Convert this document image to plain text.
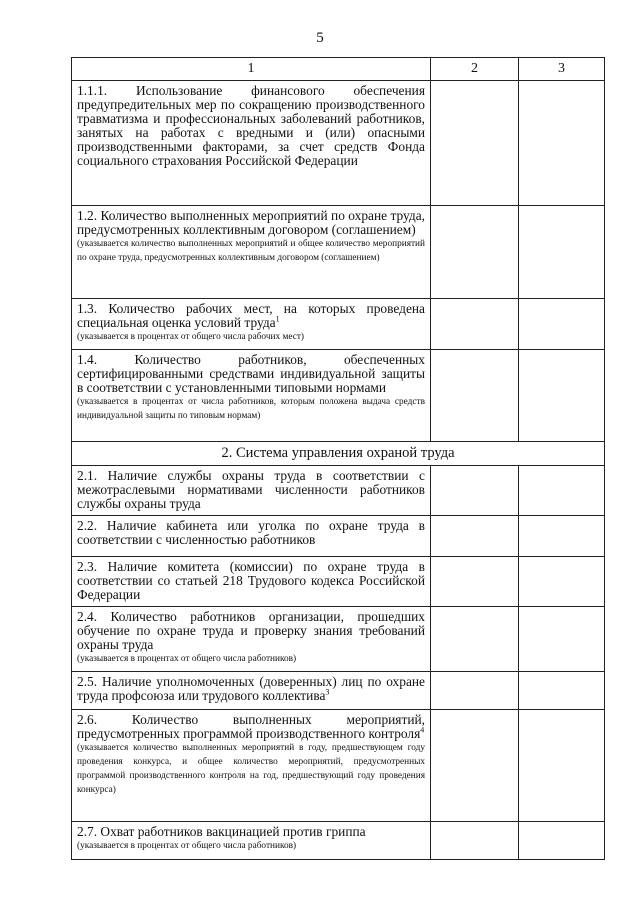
5
1	2	3

1.1.1. Использование финансового обеспечения предупредительных мер по сокращению производственного травматизма и профессиональных заболеваний работников, занятых на работах с вредными и (или) опасными производственными факторами, за счет средств Фонда социального страхования Российской Федерации		

1.2. Количество выполненных мероприятий по охране труда, предусмотренных коллективным договором (соглашением)
(указывается количество выполненных мероприятий и общее количество мероприятий по охране труда, предусмотренных коллективным договором (соглашением)		

1.3. Количество рабочих мест, на которых проведена специальная оценка условий труда$^1$
(указывается в процентах от общего числа рабочих мест)		

1.4. Количество работников, обеспеченных сертифицированными средствами индивидуальной защиты в соответствии с установленными типовыми нормами
(указывается в процентах от числа работников, которым положена выдача средств индивидуальной защиты по типовым нормам)		

2. Система управления охраной труда		

2.1. Наличие службы охраны труда в соответствии с межотраслевыми нормативами численности работников службы охраны труда		

2.2. Наличие кабинета или уголка по охране труда в соответствии с численностью работников		

2.3. Наличие комитета (комиссии) по охране труда в соответствии со статьей 218 Трудового кодекса Российской Федерации		

2.4. Количество работников организации, прошедших обучение по охране труда и проверку знания требований охраны труда
(указывается в процентах от общего числа работников)		

2.5. Наличие уполномоченных (доверенных) лиц по охране труда профсоюза или трудового коллектива$^3$

2.6. Количество выполненных мероприятий, предусмотренных программой производственного контроля$^4$
(указывается количество выполненных мероприятий в году, предшествующем году проведения конкурса, и общее количество мероприятий, предусмотренных программой производственного контроля на год, предшествующий году проведения конкурса)		

2.7. Охват работников вакцинацией против гриппа
(указывается в процентах от общего числа работников)		
